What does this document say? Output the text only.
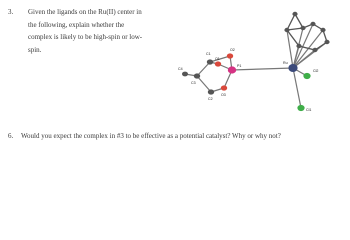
3.	Given the ligands on the Ru(II) center in
the following, explain whether the
complex is likely to be high-spin or low-
spin.
C4
C3
C1
C2
O1
O2
O3
P1
Ru
Cl2
Cl1
6.	Would you expect the complex in #3 to be effective as a potential catalyst? Why or why not?
